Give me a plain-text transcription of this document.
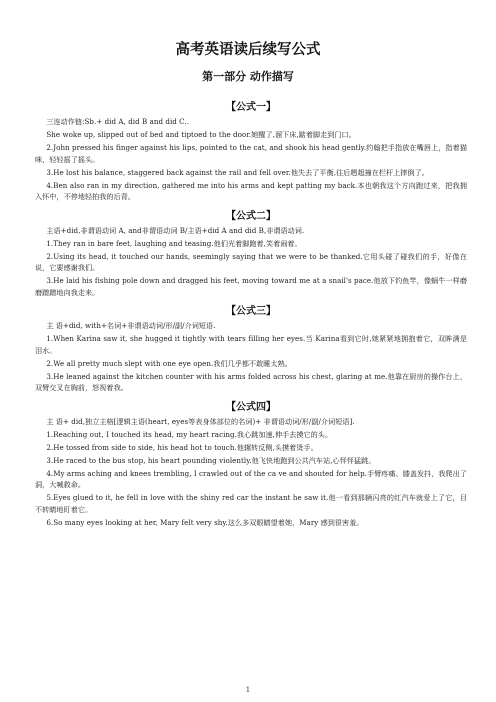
高考英语读后续写公式
第一部分 动作描写
【公式一】

三连动作链:Sb.+ did A, did B and did C..

She woke up, slipped out of bed and tiptoed to the door.她醒了,溜下床,踮着脚走到门口。

2.John pressed his finger against his lips, pointed to the cat, and shook his head gently.约翰把手指放在嘴唇上，指着猫咪，轻轻摇了摇头。

3.He lost his balance, staggered back against the rail and fell over.他失去了平衡,往后趔趄撞在栏杆上摔倒了。

4.Ben also ran in my direction, gathered me into his arms and kept patting my back.本也朝我这个方向跑过来，把我拥入怀中，不停地轻拍我的后背。

【公式二】

主语+did,非谓语动词 A, and非谓语动词 B/主语+did A and did B,非谓语动词.

1.They ran in bare feet, laughing and teasing.他们光着脚跑着,笑着闹着。

2.Using its head, it touched our hands, seemingly saying that we were to be thanked.它用头碰了碰我们的手，好像在说，它要感谢我们。

3.He laid his fishing pole down and dragged his feet, moving toward me at a snail's pace.他放下钓鱼竿，像蜗牛一样磨磨蹭蹭地向我走来。

【公式三】

主 语+did, with+名词+非谓语动词/形/副/介词短语.

1.When Karina saw it, she hugged it tightly with tears filling her eyes.当 Karina看到它时,她紧紧地拥抱着它，双眸满是泪水。

2.We all pretty much slept with one eye open.我们几乎都不敢睡太熟。

3.He leaned against the kitchen counter with his arms folded across his chest, glaring at me.他靠在厨房的操作台上，双臂交叉在胸前，怒视着我。

【公式四】

主 语+ did,独立主格[逻辑主语(heart, eyes等表身体部位的名词)+ 非谓语动词/形/副/介词短语].

1.Reaching out, I touched its head, my heart racing.我心跳加速,伸手去摸它的头。

2.He tossed from side to side, his head hot to touch.他辗转反侧,头摸着烫手。

3.He raced to the bus stop, his heart pounding violently.他飞快地跑到公共汽车站,心怦怦猛跳。

4.My arms aching and knees trembling, I crawled out of the ca ve and shouted for help.手臂疼痛、膝盖发抖，我爬出了洞，大喊救命。

5.Eyes glued to it, he fell in love with the shiny red car the instant he saw it.他一看到那辆闪亮的红汽车就爱上了它，目不转睛地盯着它。

6.So many eyes looking at her, Mary felt very shy.这么多双眼睛望着她，Mary 感到很害羞。

1
